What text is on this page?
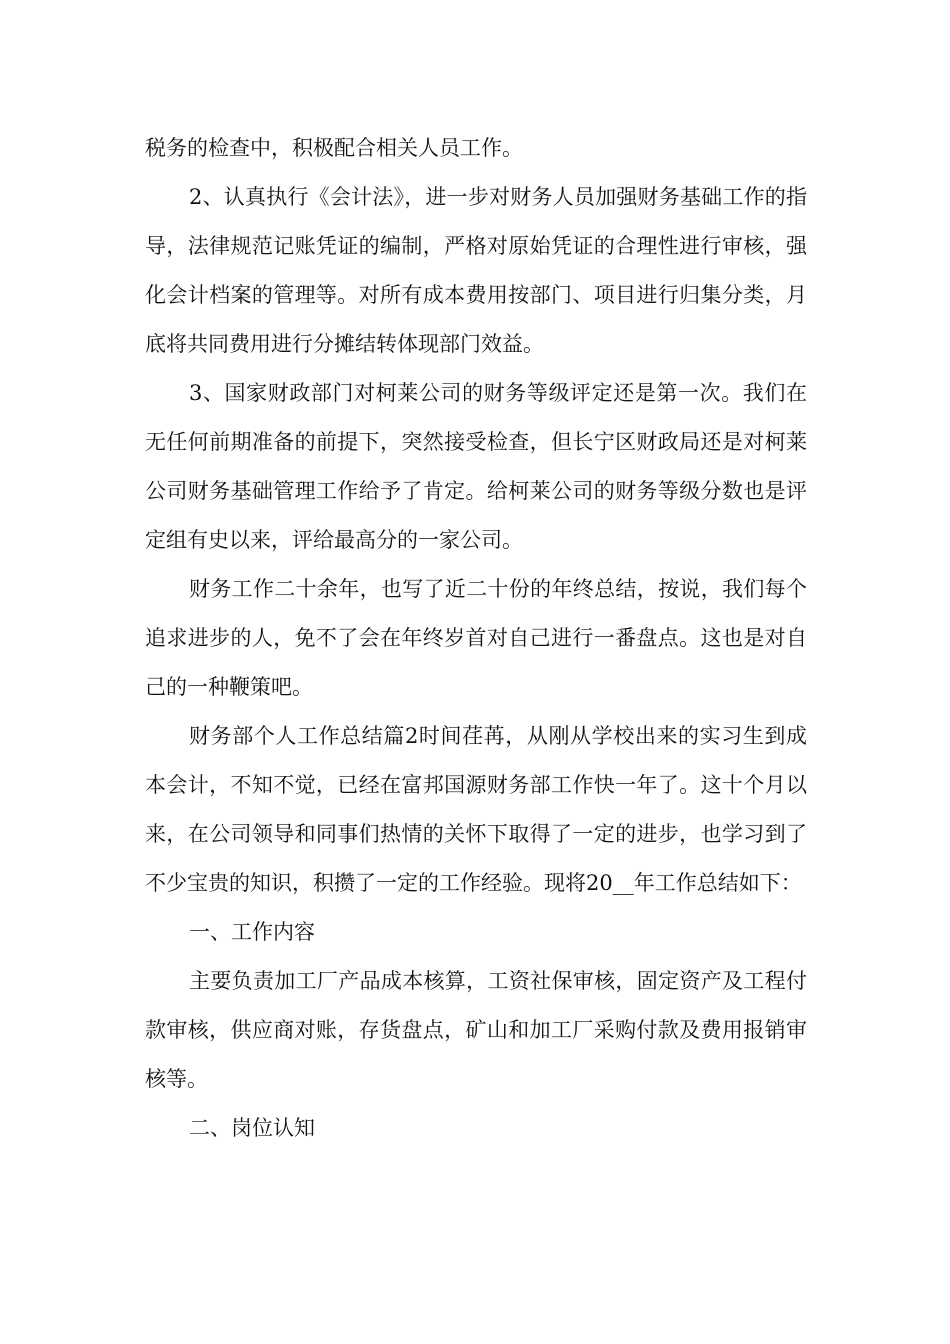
税务的检查中，积极配合相关人员工作。

2、认真执行《会计法》，进一步对财务人员加强财务基础工作的指导，法律规范记账凭证的编制，严格对原始凭证的合理性进行审核，强化会计档案的管理等。对所有成本费用按部门、项目进行归集分类，月底将共同费用进行分摊结转体现部门效益。

3、国家财政部门对柯莱公司的财务等级评定还是第一次。我们在无任何前期准备的前提下，突然接受检查，但长宁区财政局还是对柯莱公司财务基础管理工作给予了肯定。给柯莱公司的财务等级分数也是评定组有史以来，评给最高分的一家公司。

财务工作二十余年，也写了近二十份的年终总结，按说，我们每个追求进步的人，免不了会在年终岁首对自己进行一番盘点。这也是对自己的一种鞭策吧。

财务部个人工作总结篇2时间荏苒，从刚从学校出来的实习生到成本会计，不知不觉，已经在富邦国源财务部工作快一年了。这十个月以来，在公司领导和同事们热情的关怀下取得了一定的进步，也学习到了不少宝贵的知识，积攒了一定的工作经验。现将20__年工作总结如下：

一、工作内容

主要负责加工厂产品成本核算，工资社保审核，固定资产及工程付款审核，供应商对账，存货盘点，矿山和加工厂采购付款及费用报销审核等。

二、岗位认知
